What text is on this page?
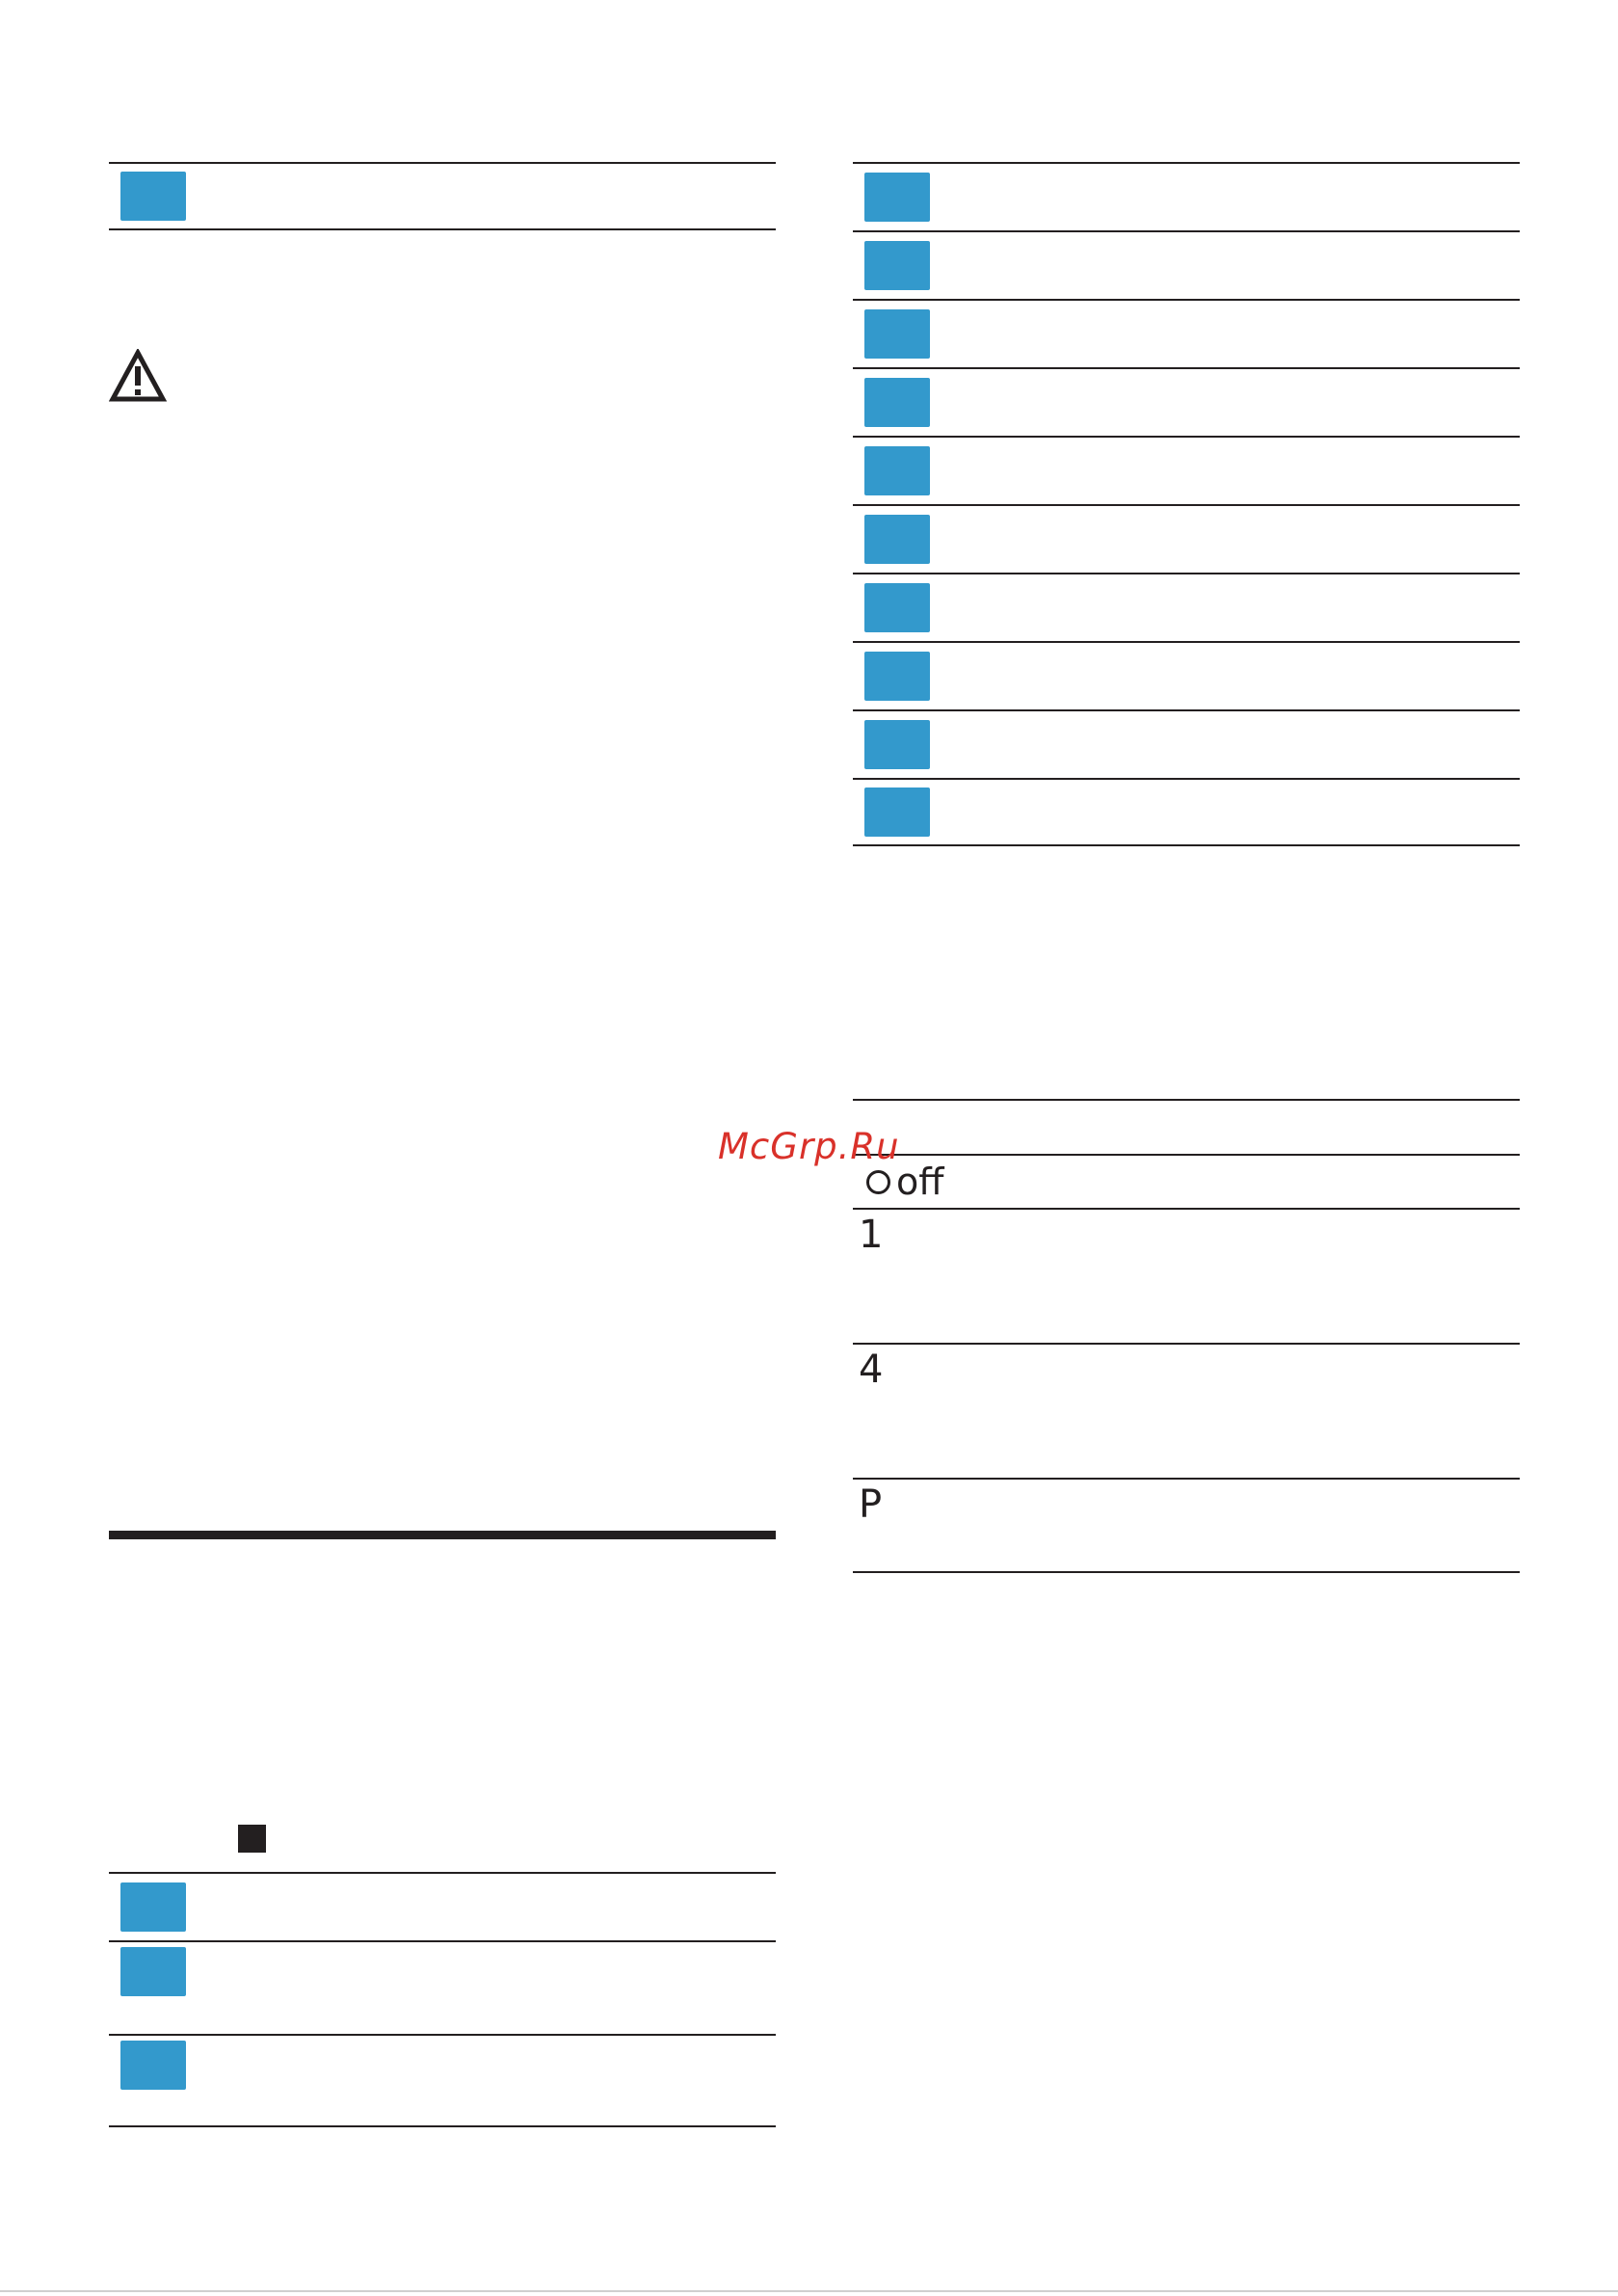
off
1
4
P
McGrp.Ru
